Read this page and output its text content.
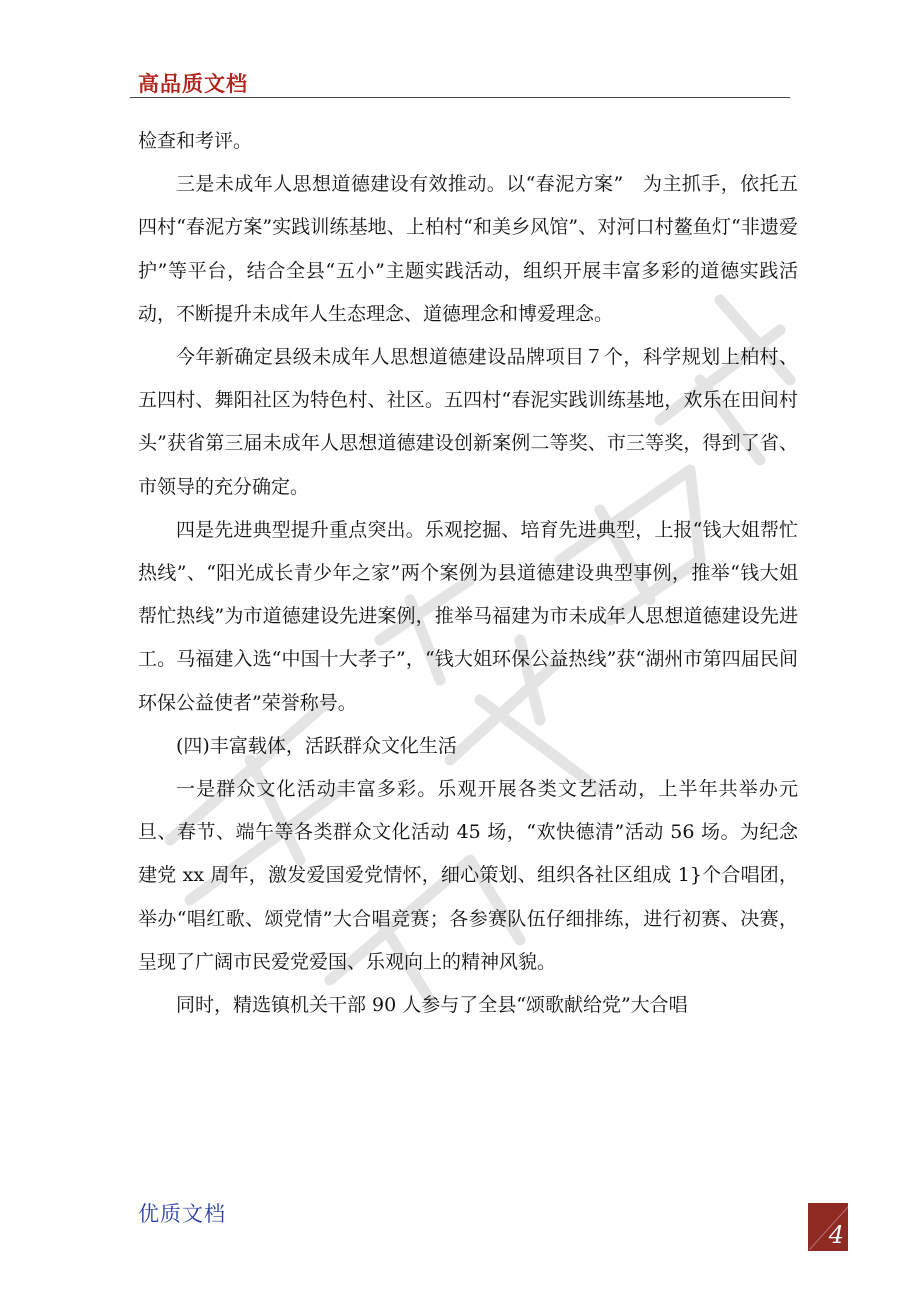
高品质文档

检查和考评。

三是未成年人思想道德建设有效推动。以“春泥方案”　为主抓手，依托五四村“春泥方案”实践训练基地、上柏村“和美乡风馆”、对河口村鳌鱼灯“非遗爱护”等平台，结合全县“五小”主题实践活动，组织开展丰富多彩的道德实践活动，不断提升未成年人生态理念、道德理念和博爱理念。

今年新确定县级未成年人思想道德建设品牌项目７个，科学规划上柏村、五四村、舞阳社区为特色村、社区。五四村“春泥实践训练基地，欢乐在田间村头”获省第三届未成年人思想道德建设创新案例二等奖、市三等奖，得到了省、市领导的充分确定。

四是先进典型提升重点突出。乐观挖掘、培育先进典型，上报“钱大姐帮忙热线”、“阳光成长青少年之家”两个案例为县道德建设典型事例，推举“钱大姐帮忙热线”为市道德建设先进案例，推举马福建为市未成年人思想道德建设先进工。马福建入选“中国十大孝子”，“钱大姐环保公益热线”获“湖州市第四届民间环保公益使者”荣誉称号。

(四)丰富载体，活跃群众文化生活

一是群众文化活动丰富多彩。乐观开展各类文艺活动，上半年共举办元旦、春节、端午等各类群众文化活动 45 场，“欢快德清”活动 56 场。为纪念建党 xx 周年，激发爱国爱党情怀，细心策划、组织各社区组成 1}个合唱团，举办“唱红歌、颂党情”大合唱竞赛；各参赛队伍仔细排练，进行初赛、决赛，呈现了广阔市民爱党爱国、乐观向上的精神风貌。

同时，精选镇机关干部 90 人参与了全县“颂歌献给党”大合唱

优质文档
4
